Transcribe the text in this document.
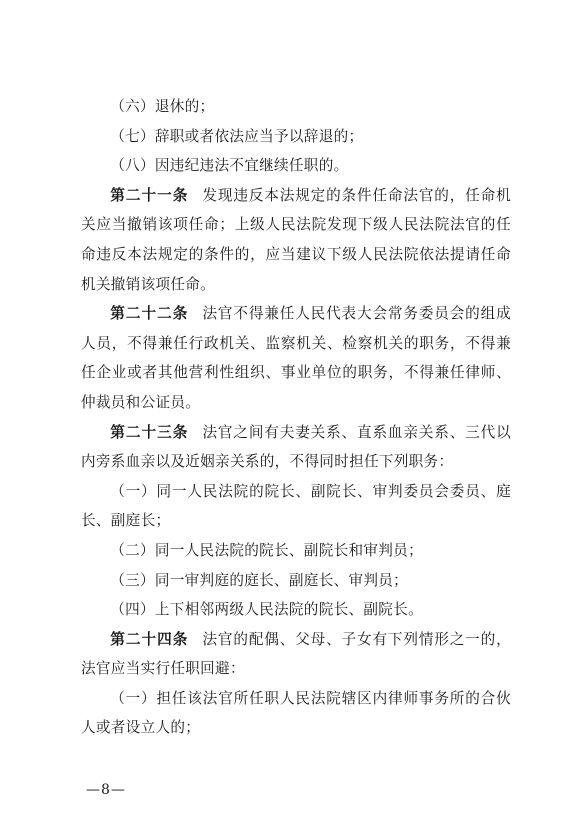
（六）退休的；

（七）辞职或者依法应当予以辞退的；

（八）因违纪违法不宜继续任职的。

第二十一条 发现违反本法规定的条件任命法官的，任命机关应当撤销该项任命；上级人民法院发现下级人民法院法官的任命违反本法规定的条件的，应当建议下级人民法院依法提请任命机关撤销该项任命。

第二十二条 法官不得兼任人民代表大会常务委员会的组成人员，不得兼任行政机关、监察机关、检察机关的职务，不得兼任企业或者其他营利性组织、事业单位的职务，不得兼任律师、仲裁员和公证员。

第二十三条 法官之间有夫妻关系、直系血亲关系、三代以内旁系血亲以及近姻亲关系的，不得同时担任下列职务：

（一）同一人民法院的院长、副院长、审判委员会委员、庭长、副庭长；

（二）同一人民法院的院长、副院长和审判员；

（三）同一审判庭的庭长、副庭长、审判员；

（四）上下相邻两级人民法院的院长、副院长。

第二十四条 法官的配偶、父母、子女有下列情形之一的，法官应当实行任职回避：

（一）担任该法官所任职人民法院辖区内律师事务所的合伙人或者设立人的；

—8—
